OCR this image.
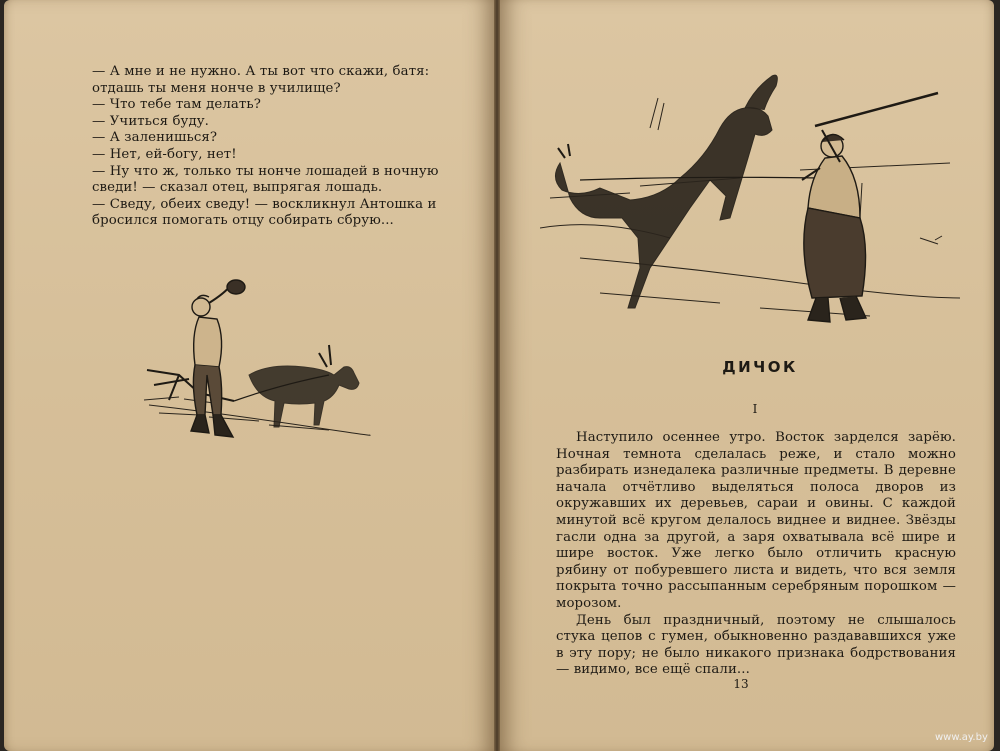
— А мне и не нужно. А ты вот что скажи, батя:

отдашь ты меня нонче в училище?

— Что тебе там делать?

— Учиться буду.

— А заленишься?

— Нет, ей-богу, нет!

— Ну что ж, только ты нонче лошадей в ночную

сведи! — сказал отец, выпрягая лошадь.

— Сведу, обеих сведу! — воскликнул Антошка и

бросился помогать отцу собирать сбрую...

ДИЧОК
I

Наступило осеннее утро. Восток зарделся зарёю. Ночная темнота сделалась реже, и стало можно разбирать изнедалека различные предметы. В деревне начала отчётливо выделяться полоса дворов из окружавших их деревьев, сараи и овины. С каждой минутой всё кругом делалось виднее и виднее. Звёзды гасли одна за другой, а заря охватывала всё шире и шире восток. Уже легко было отличить красную рябину от побуревшего листа и видеть, что вся земля покрыта точно рассыпанным серебряным порошком — морозом.

День был праздничный, поэтому не слышалось стука цепов с гумен, обыкновенно раздававшихся уже в эту пору; не было никакого признака бодрствования — видимо, все ещё спали...

13
www.ay.by
